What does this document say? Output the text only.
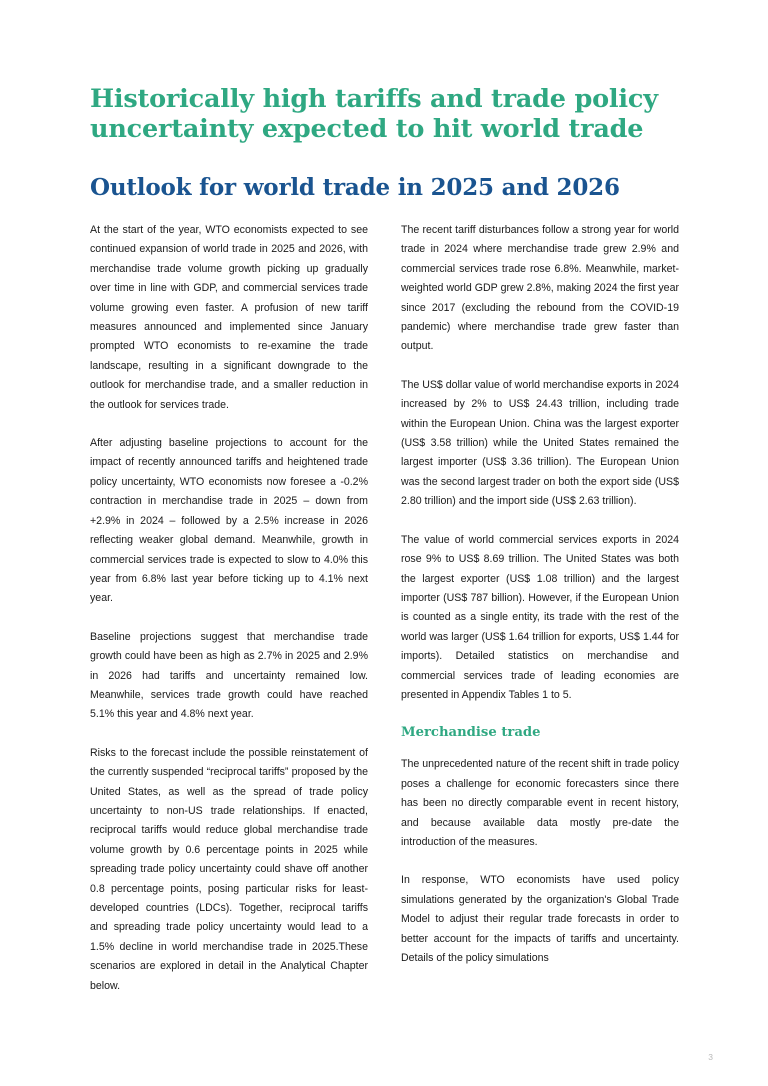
Historically high tariffs and trade policy uncertainty expected to hit world trade
Outlook for world trade in 2025 and 2026

At the start of the year, WTO economists expected to see continued expansion of world trade in 2025 and 2026, with merchandise trade volume growth picking up gradually over time in line with GDP, and commercial services trade volume growing even faster. A profusion of new tariff measures announced and implemented since January prompted WTO economists to re-examine the trade landscape, resulting in a significant downgrade to the outlook for merchandise trade, and a smaller reduction in the outlook for services trade.

After adjusting baseline projections to account for the impact of recently announced tariffs and heightened trade policy uncertainty, WTO economists now foresee a -0.2% contraction in merchandise trade in 2025 – down from +2.9% in 2024 – followed by a 2.5% increase in 2026 reflecting weaker global demand. Meanwhile, growth in commercial services trade is expected to slow to 4.0% this year from 6.8% last year before ticking up to 4.1% next year.

Baseline projections suggest that merchandise trade growth could have been as high as 2.7% in 2025 and 2.9% in 2026 had tariffs and uncertainty remained low. Meanwhile, services trade growth could have reached 5.1% this year and 4.8% next year.

Risks to the forecast include the possible reinstatement of the currently suspended “reciprocal tariffs” proposed by the United States, as well as the spread of trade policy uncertainty to non-US trade relationships. If enacted, reciprocal tariffs would reduce global merchandise trade volume growth by 0.6 percentage points in 2025 while spreading trade policy uncertainty could shave off another 0.8 percentage points, posing particular risks for least-developed countries (LDCs). Together, reciprocal tariffs and spreading trade policy uncertainty would lead to a 1.5% decline in world merchandise trade in 2025.These scenarios are explored in detail in the Analytical Chapter below.

The recent tariff disturbances follow a strong year for world trade in 2024 where merchandise trade grew 2.9% and commercial services trade rose 6.8%. Meanwhile, market-weighted world GDP grew 2.8%, making 2024 the first year since 2017 (excluding the rebound from the COVID-19 pandemic) where merchandise trade grew faster than output.

The US$ dollar value of world merchandise exports in 2024 increased by 2% to US$ 24.43 trillion, including trade within the European Union. China was the largest exporter (US$ 3.58 trillion) while the United States remained the largest importer (US$ 3.36 trillion). The European Union was the second largest trader on both the export side (US$ 2.80 trillion) and the import side (US$ 2.63 trillion).

The value of world commercial services exports in 2024 rose 9% to US$ 8.69 trillion. The United States was both the largest exporter (US$ 1.08 trillion) and the largest importer (US$ 787 billion). However, if the European Union is counted as a single entity, its trade with the rest of the world was larger (US$ 1.64 trillion for exports, US$ 1.44 for imports). Detailed statistics on merchandise and commercial services trade of leading economies are presented in Appendix Tables 1 to 5.

Merchandise trade

The unprecedented nature of the recent shift in trade policy poses a challenge for economic forecasters since there has been no directly comparable event in recent history, and because available data mostly pre-date the introduction of the measures.

In response, WTO economists have used policy simulations generated by the organization's Global Trade Model to adjust their regular trade forecasts in order to better account for the impacts of tariffs and uncertainty. Details of the policy simulations

3
